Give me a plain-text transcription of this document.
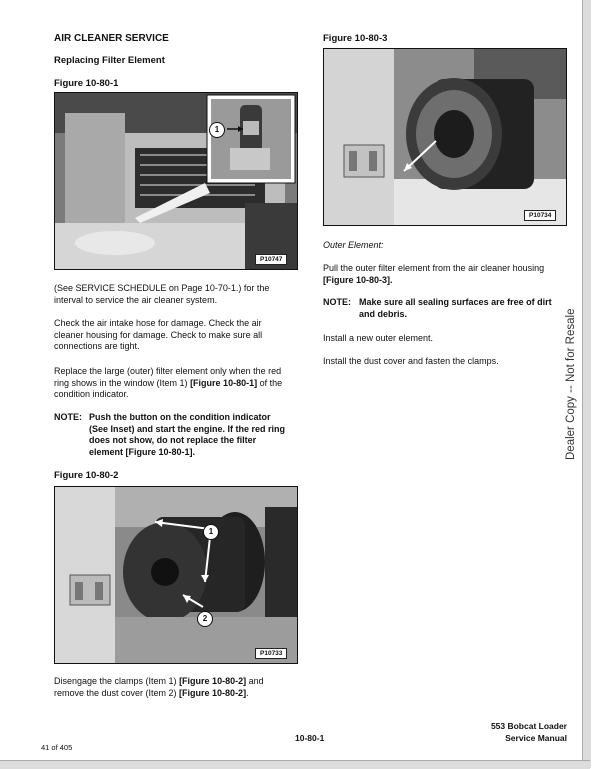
AIR CLEANER SERVICE
Replacing Filter Element
Figure 10-80-1
1
P10747
(See SERVICE SCHEDULE on Page 10-70-1.) for the
interval to service the air cleaner system.
Check the air intake hose for damage. Check the air
cleaner housing for damage. Check to make sure all
connections are tight.
Replace the large (outer) filter element only when the red
ring shows in the window (Item 1) [Figure 10-80-1] of the
condition indicator.
NOTE: Push the button on the condition indicator
(See Inset) and start the engine. If the red ring
does not show, do not replace the filter
element [Figure 10-80-1].
Figure 10-80-2
1
2
P10733
Disengage the clamps (Item 1) [Figure 10-80-2] and
remove the dust cover (Item 2) [Figure 10-80-2].
Figure 10-80-3
P10734
Outer Element:
Pull the outer filter element from the air cleaner housing
[Figure 10-80-3].
NOTE: Make sure all sealing surfaces are free of dirt
and debris.
Install a new outer element.
Install the dust cover and fasten the clamps.	Dealer Copy -- Not for Resale
10-80-1
553 Bobcat Loader
Service Manual
41 of 405
